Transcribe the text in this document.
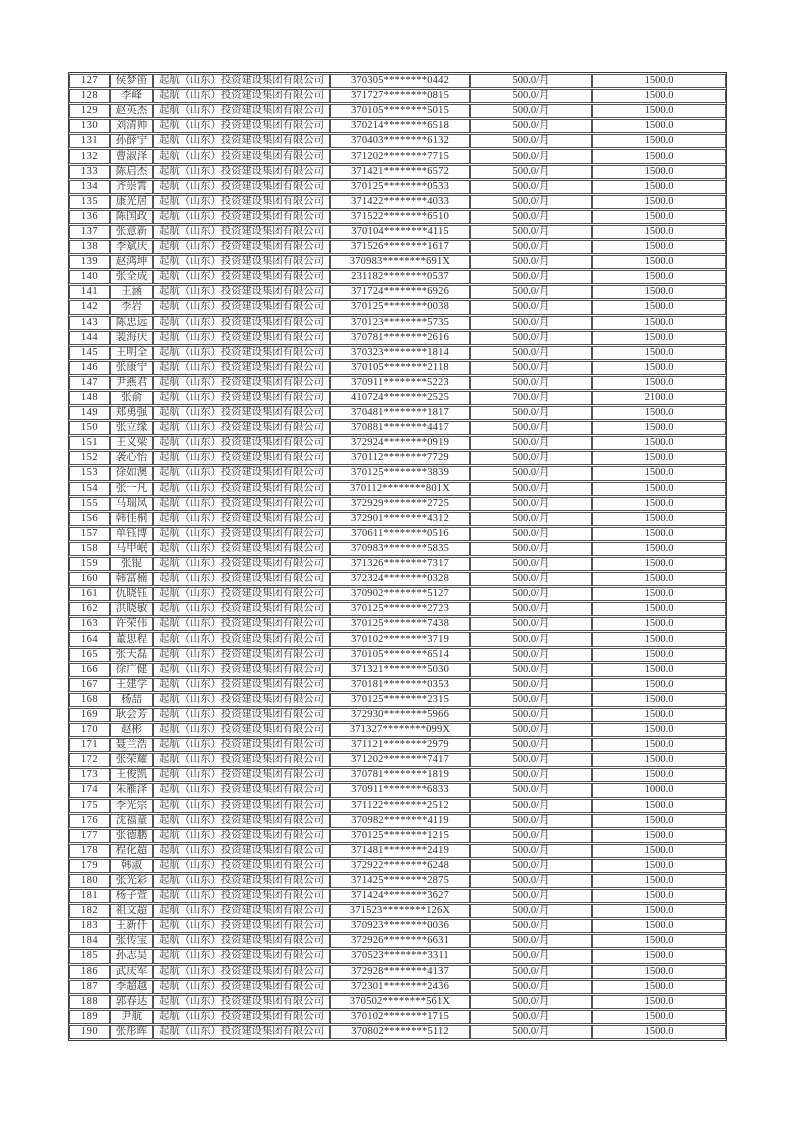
127	侯梦笛	起航（山东）投资建设集团有限公司	370305********0442	500.0/月	1500.0
128	李峰	起航（山东）投资建设集团有限公司	371727********0815	500.0/月	1500.0
129	赵英杰	起航（山东）投资建设集团有限公司	370105********5015	500.0/月	1500.0
130	刘清帅	起航（山东）投资建设集团有限公司	370214********6518	500.0/月	1500.0
131	孙薛宁	起航（山东）投资建设集团有限公司	370403********6132	500.0/月	1500.0
132	曹淑泽	起航（山东）投资建设集团有限公司	371202********7715	500.0/月	1500.0
133	陈启杰	起航（山东）投资建设集团有限公司	371421********6572	500.0/月	1500.0
134	齐崇霄	起航（山东）投资建设集团有限公司	370125********0533	500.0/月	1500.0
135	康光居	起航（山东）投资建设集团有限公司	371422********4033	500.0/月	1500.0
136	陈国政	起航（山东）投资建设集团有限公司	371522********6510	500.0/月	1500.0
137	张意新	起航（山东）投资建设集团有限公司	370104********4115	500.0/月	1500.0
138	李斌庆	起航（山东）投资建设集团有限公司	371526********1617	500.0/月	1500.0
139	赵鸿坤	起航（山东）投资建设集团有限公司	370983********691X	500.0/月	1500.0
140	张全成	起航（山东）投资建设集团有限公司	231182********0537	500.0/月	1500.0
141	王涵	起航（山东）投资建设集团有限公司	371724********6926	500.0/月	1500.0
142	李岩	起航（山东）投资建设集团有限公司	370125********0038	500.0/月	1500.0
143	陈忠远	起航（山东）投资建设集团有限公司	370123********5735	500.0/月	1500.0
144	裴海庆	起航（山东）投资建设集团有限公司	370781********2616	500.0/月	1500.0
145	王明全	起航（山东）投资建设集团有限公司	370323********1814	500.0/月	1500.0
146	张康宁	起航（山东）投资建设集团有限公司	370105********2118	500.0/月	1500.0
147	尹燕君	起航（山东）投资建设集团有限公司	370911********5223	500.0/月	1500.0
148	张俞	起航（山东）投资建设集团有限公司	410724********2525	700.0/月	2100.0
149	郑勇强	起航（山东）投资建设集团有限公司	370481********1817	500.0/月	1500.0
150	张立缘	起航（山东）投资建设集团有限公司	370881********4417	500.0/月	1500.0
151	王义梁	起航（山东）投资建设集团有限公司	372924********0919	500.0/月	1500.0
152	袭心怡	起航（山东）投资建设集团有限公司	370112********7729	500.0/月	1500.0
153	徐如澳	起航（山东）投资建设集团有限公司	370125********3839	500.0/月	1500.0
154	张一凡	起航（山东）投资建设集团有限公司	370112********801X	500.0/月	1500.0
155	马瑞凤	起航（山东）投资建设集团有限公司	372929********2725	500.0/月	1500.0
156	韩佳桐	起航（山东）投资建设集团有限公司	372901********4312	500.0/月	1500.0
157	单钰博	起航（山东）投资建设集团有限公司	370611********0516	500.0/月	1500.0
158	马甲岷	起航（山东）投资建设集团有限公司	370983********5835	500.0/月	1500.0
159	张锟	起航（山东）投资建设集团有限公司	371326********7317	500.0/月	1500.0
160	韩富楠	起航（山东）投资建设集团有限公司	372324********0328	500.0/月	1500.0
161	仇晓钰	起航（山东）投资建设集团有限公司	370902********5127	500.0/月	1500.0
162	洪晓敏	起航（山东）投资建设集团有限公司	370125********2723	500.0/月	1500.0
163	许荣伟	起航（山东）投资建设集团有限公司	370125********7438	500.0/月	1500.0
164	董思程	起航（山东）投资建设集团有限公司	370102********3719	500.0/月	1500.0
165	张天磊	起航（山东）投资建设集团有限公司	370105********6514	500.0/月	1500.0
166	徐广健	起航（山东）投资建设集团有限公司	371321********5030	500.0/月	1500.0
167	王建学	起航（山东）投资建设集团有限公司	370181********0353	500.0/月	1500.0
168	杨喆	起航（山东）投资建设集团有限公司	370125********2315	500.0/月	1500.0
169	耿会芳	起航（山东）投资建设集团有限公司	372930********5966	500.0/月	1500.0
170	赵彬	起航（山东）投资建设集团有限公司	371327********099X	500.0/月	1500.0
171	聂兰浩	起航（山东）投资建设集团有限公司	371121********2979	500.0/月	1500.0
172	张荣耀	起航（山东）投资建设集团有限公司	371202********7417	500.0/月	1500.0
173	王俊凯	起航（山东）投资建设集团有限公司	370781********1819	500.0/月	1500.0
174	朱雁泽	起航（山东）投资建设集团有限公司	370911********6833	500.0/月	1000.0
175	李光宗	起航（山东）投资建设集团有限公司	371122********2512	500.0/月	1500.0
176	沈福童	起航（山东）投资建设集团有限公司	370982********4119	500.0/月	1500.0
177	张德鹏	起航（山东）投资建设集团有限公司	370125********1215	500.0/月	1500.0
178	程化超	起航（山东）投资建设集团有限公司	371481********2419	500.0/月	1500.0
179	韩淑	起航（山东）投资建设集团有限公司	372922********6248	500.0/月	1500.0
180	张光彩	起航（山东）投资建设集团有限公司	371425********2875	500.0/月	1500.0
181	杨子萱	起航（山东）投资建设集团有限公司	371424********3627	500.0/月	1500.0
182	祖文超	起航（山东）投资建设集团有限公司	371523********126X	500.0/月	1500.0
183	王新仟	起航（山东）投资建设集团有限公司	370923********0036	500.0/月	1500.0
184	张传宝	起航（山东）投资建设集团有限公司	372926********6631	500.0/月	1500.0
185	孙志昊	起航（山东）投资建设集团有限公司	370523********3311	500.0/月	1500.0
186	武庆军	起航（山东）投资建设集团有限公司	372928********4137	500.0/月	1500.0
187	李超越	起航（山东）投资建设集团有限公司	372301********2436	500.0/月	1500.0
188	郭春达	起航（山东）投资建设集团有限公司	370502********561X	500.0/月	1500.0
189	尹航	起航（山东）投资建设集团有限公司	370102********1715	500.0/月	1500.0
190	张彤晖	起航（山东）投资建设集团有限公司	370802********5112	500.0/月	1500.0
